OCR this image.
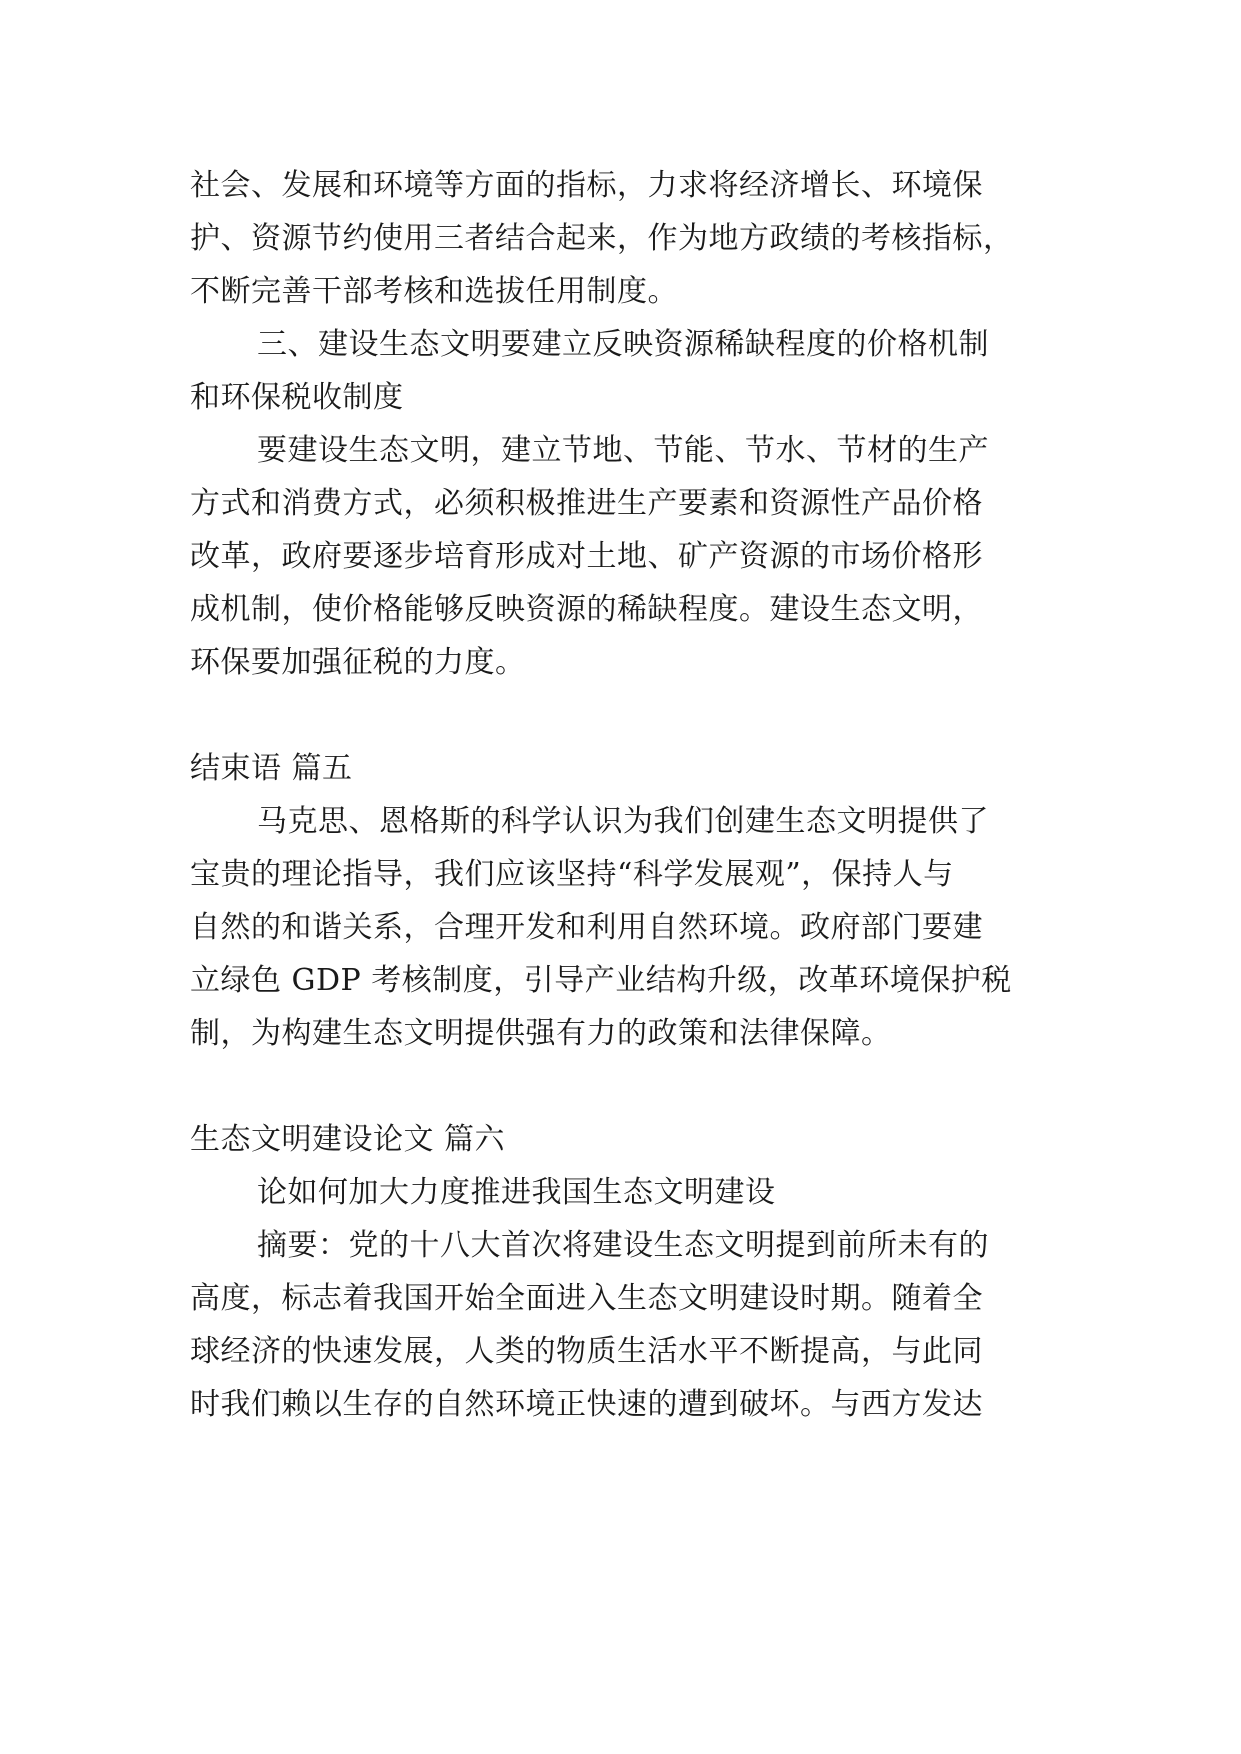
社会、发展和环境等方面的指标，力求将经济增长、环境保
护、资源节约使用三者结合起来，作为地方政绩的考核指标，
不断完善干部考核和选拔任用制度。
三、建设生态文明要建立反映资源稀缺程度的价格机制
和环保税收制度
要建设生态文明，建立节地、节能、节水、节材的生产
方式和消费方式，必须积极推进生产要素和资源性产品价格
改革，政府要逐步培育形成对土地、矿产资源的市场价格形
成机制，使价格能够反映资源的稀缺程度。建设生态文明，
环保要加强征税的力度。
结束语 篇五
马克思、恩格斯的科学认识为我们创建生态文明提供了
宝贵的理论指导，我们应该坚持“科学发展观”，保持人与
自然的和谐关系，合理开发和利用自然环境。政府部门要建
立绿色 GDP 考核制度，引导产业结构升级，改革环境保护税
制，为构建生态文明提供强有力的政策和法律保障。
生态文明建设论文 篇六
论如何加大力度推进我国生态文明建设
摘要：党的十八大首次将建设生态文明提到前所未有的
高度，标志着我国开始全面进入生态文明建设时期。随着全
球经济的快速发展，人类的物质生活水平不断提高，与此同
时我们赖以生存的自然环境正快速的遭到破坏。与西方发达
